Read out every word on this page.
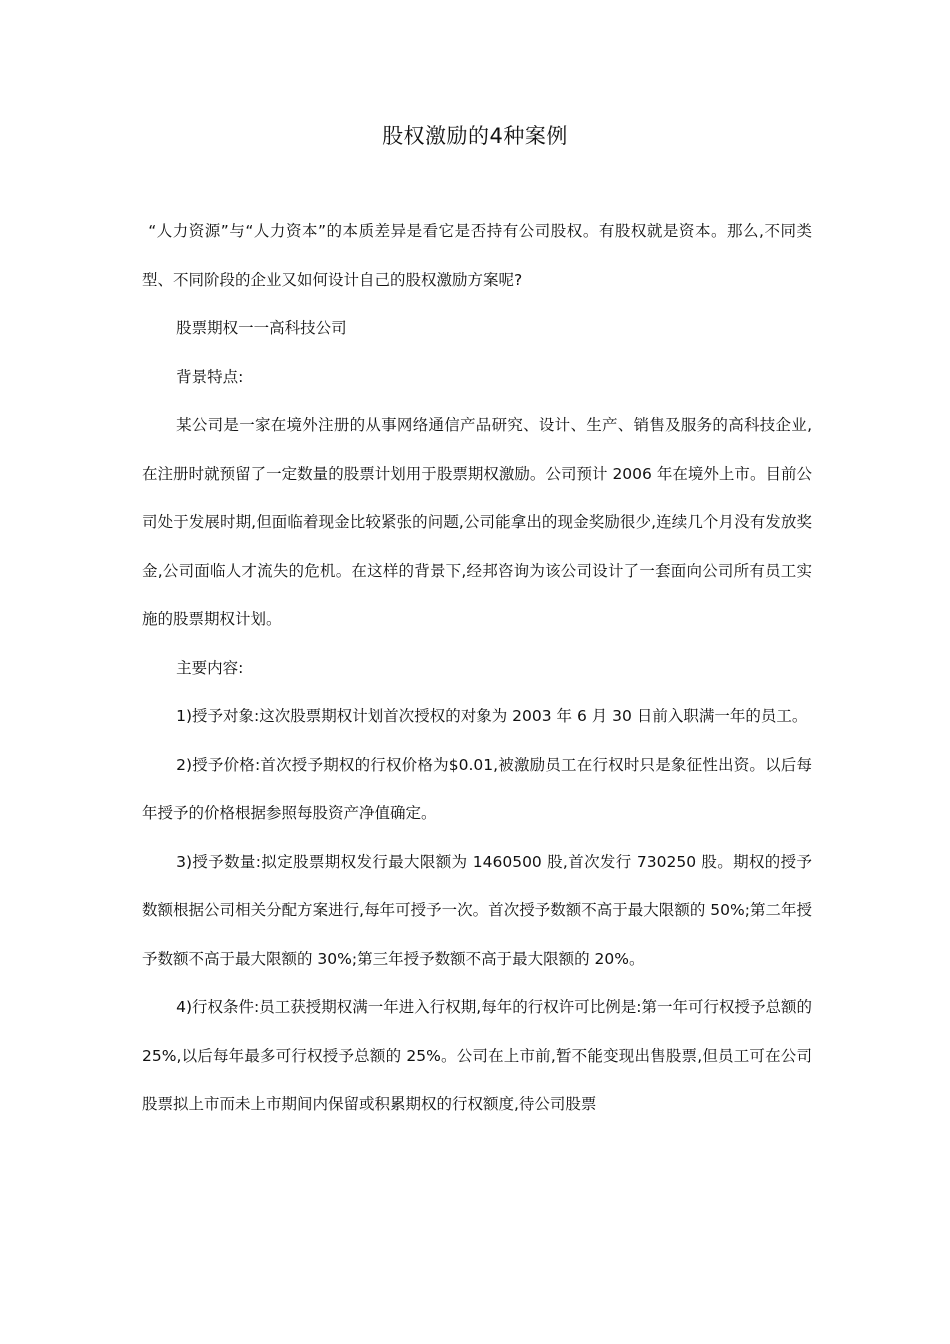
股权激励的4种案例

“人力资源”与“人力资本”的本质差异是看它是否持有公司股权。有股权就是资本。那么,不同类型、不同阶段的企业又如何设计自己的股权激励方案呢?

股票期权一一高科技公司

背景特点:

某公司是一家在境外注册的从事网络通信产品研究、设计、生产、销售及服务的高科技企业,在注册时就预留了一定数量的股票计划用于股票期权激励。公司预计 2006 年在境外上市。目前公司处于发展时期,但面临着现金比较紧张的问题,公司能拿出的现金奖励很少,连续几个月没有发放奖金,公司面临人才流失的危机。在这样的背景下,经邦咨询为该公司设计了一套面向公司所有员工实施的股票期权计划。

主要内容:

1)授予对象:这次股票期权计划首次授权的对象为 2003 年 6 月 30 日前入职满一年的员工。

2)授予价格:首次授予期权的行权价格为$0.01,被激励员工在行权时只是象征性出资。以后每年授予的价格根据参照每股资产净值确定。

3)授予数量:拟定股票期权发行最大限额为 1460500 股,首次发行 730250 股。期权的授予数额根据公司相关分配方案进行,每年可授予一次。首次授予数额不高于最大限额的 50%;第二年授予数额不高于最大限额的 30%;第三年授予数额不高于最大限额的 20%。

4)行权条件:员工获授期权满一年进入行权期,每年的行权许可比例是:第一年可行权授予总额的 25%,以后每年最多可行权授予总额的 25%。公司在上市前,暂不能变现出售股票,但员工可在公司股票拟上市而未上市期间内保留或积累期权的行权额度,待公司股票
